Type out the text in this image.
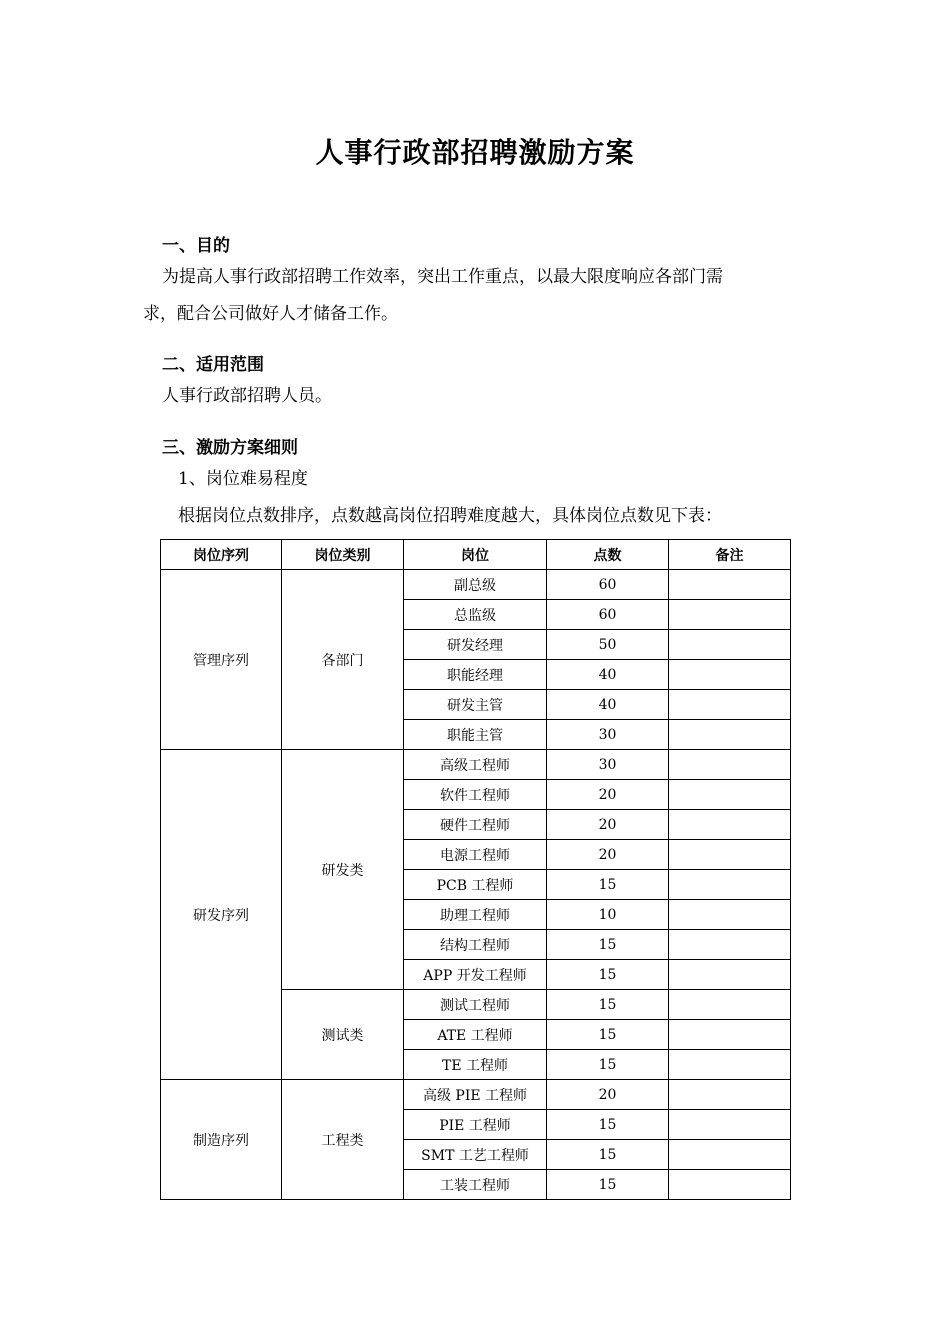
人事行政部招聘激励方案
一、目的
为提高人事行政部招聘工作效率，突出工作重点，以最大限度响应各部门需
求，配合公司做好人才储备工作。
二、适用范围
人事行政部招聘人员。
三、激励方案细则
1、岗位难易程度
根据岗位点数排序，点数越高岗位招聘难度越大，具体岗位点数见下表：
岗位序列	岗位类别	岗位	点数	备注
管理序列	各部门	副总级	60	
		总监级	60	
		研发经理	50	
		职能经理	40	
		研发主管	40	
		职能主管	30	
研发序列	研发类	高级工程师	30	
		软件工程师	20	
		硬件工程师	20	
		电源工程师	20	
		PCB 工程师	15	
		助理工程师	10	
		结构工程师	15	
		APP 开发工程师	15	
	测试类	测试工程师	15	
		ATE 工程师	15	
		TE 工程师	15	
制造序列	工程类	高级 PIE 工程师	20	
		PIE 工程师	15	
		SMT 工艺工程师	15	
		工装工程师	15	
